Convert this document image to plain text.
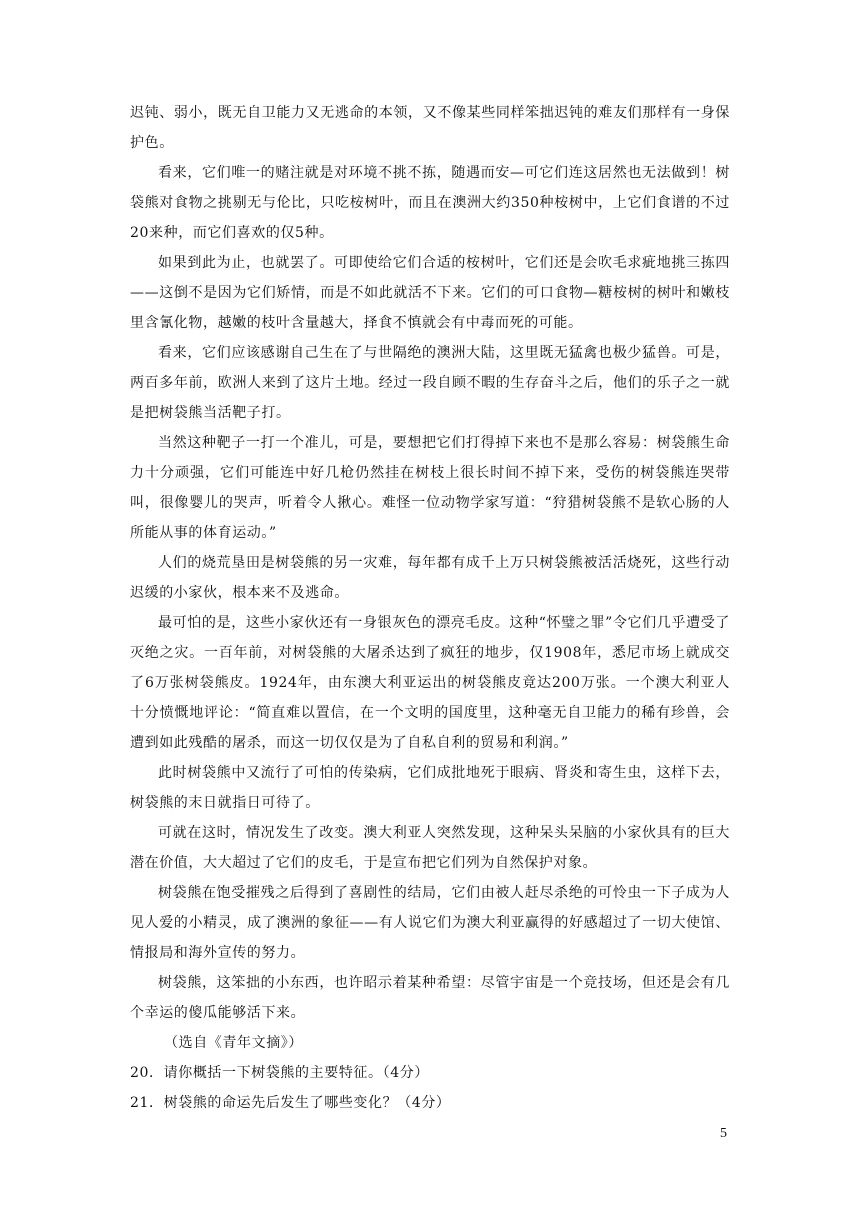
迟钝、弱小，既无自卫能力又无逃命的本领，又不像某些同样笨拙迟钝的难友们那样有一身保护色。

看来，它们唯一的赌注就是对环境不挑不拣，随遇而安—可它们连这居然也无法做到！树袋熊对食物之挑剔无与伦比，只吃桉树叶，而且在澳洲大约350种桉树中，上它们食谱的不过20来种，而它们喜欢的仅5种。

如果到此为止，也就罢了。可即使给它们合适的桉树叶，它们还是会吹毛求疵地挑三拣四——这倒不是因为它们矫情，而是不如此就活不下来。它们的可口食物—糖桉树的树叶和嫩枝里含氰化物，越嫩的枝叶含量越大，择食不慎就会有中毒而死的可能。

看来，它们应该感谢自己生在了与世隔绝的澳洲大陆，这里既无猛禽也极少猛兽。可是，两百多年前，欧洲人来到了这片土地。经过一段自顾不暇的生存奋斗之后，他们的乐子之一就是把树袋熊当活靶子打。

当然这种靶子一打一个准儿，可是，要想把它们打得掉下来也不是那么容易：树袋熊生命力十分顽强，它们可能连中好几枪仍然挂在树枝上很长时间不掉下来，受伤的树袋熊连哭带叫，很像婴儿的哭声，听着令人揪心。难怪一位动物学家写道：“狩猎树袋熊不是软心肠的人所能从事的体育运动。”

人们的烧荒垦田是树袋熊的另一灾难，每年都有成千上万只树袋熊被活活烧死，这些行动迟缓的小家伙，根本来不及逃命。

最可怕的是，这些小家伙还有一身银灰色的漂亮毛皮。这种“怀璧之罪”令它们几乎遭受了灭绝之灾。一百年前，对树袋熊的大屠杀达到了疯狂的地步，仅1908年，悉尼市场上就成交了6万张树袋熊皮。1924年，由东澳大利亚运出的树袋熊皮竟达200万张。一个澳大利亚人十分愤慨地评论：“简直难以置信，在一个文明的国度里，这种毫无自卫能力的稀有珍兽，会遭到如此残酷的屠杀，而这一切仅仅是为了自私自利的贸易和利润。”

此时树袋熊中又流行了可怕的传染病，它们成批地死于眼病、肾炎和寄生虫，这样下去，树袋熊的末日就指日可待了。

可就在这时，情况发生了改变。澳大利亚人突然发现，这种呆头呆脑的小家伙具有的巨大潜在价值，大大超过了它们的皮毛，于是宣布把它们列为自然保护对象。

树袋熊在饱受摧残之后得到了喜剧性的结局，它们由被人赶尽杀绝的可怜虫一下子成为人见人爱的小精灵，成了澳洲的象征——有人说它们为澳大利亚赢得的好感超过了一切大使馆、情报局和海外宣传的努力。

树袋熊，这笨拙的小东西，也许昭示着某种希望：尽管宇宙是一个竞技场，但还是会有几个幸运的傻瓜能够活下来。

（选自《青年文摘》）

20．请你概括一下树袋熊的主要特征。（4分）

21．树袋熊的命运先后发生了哪些变化？（4分）

5
